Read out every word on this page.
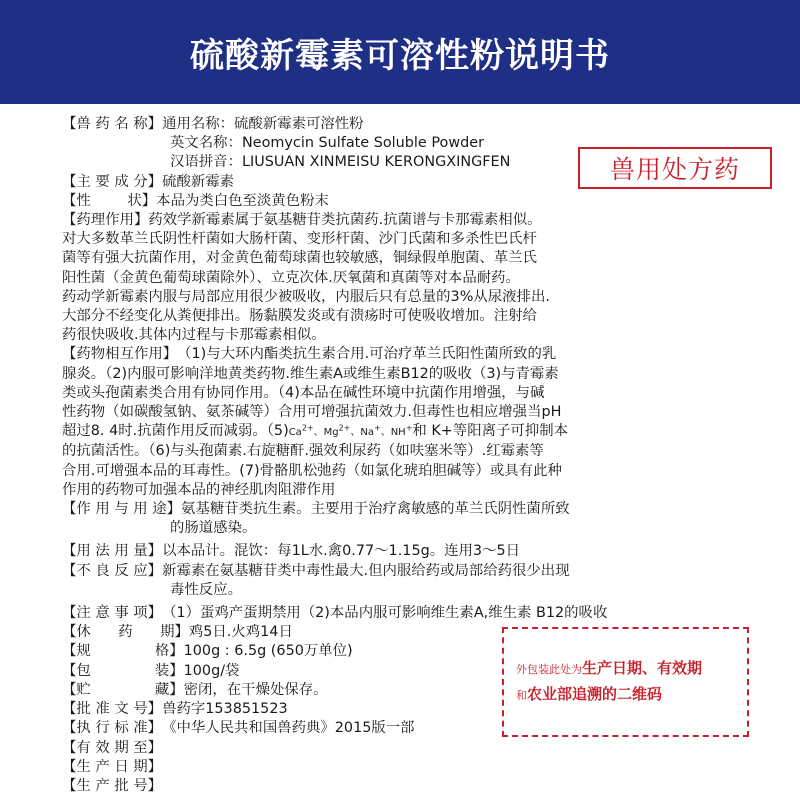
硫酸新霉素可溶性粉说明书
兽用处方药
【兽 药 名 称】 通用名称：硫酸新霉素可溶性粉
英文名称：Neomycin Sulfate Soluble Powder
汉语拼音：LIUSUAN XINMEISU KERONGXINGFEN
【主 要 成 分】 硫酸新霉素
【性        状】 本品为类白色至淡黄色粉末
【药理作用】 药效学新霉素属于氨基糖苷类抗菌药.抗菌谱与卡那霉素相似。
对大多数革兰氏阴性杆菌如大肠杆菌、变形杆菌、沙门氏菌和多杀性巴氏杆
菌等有强大抗菌作用，对金黄色葡萄球菌也较敏感，铜绿假单胞菌、革兰氏
阳性菌（金黄色葡萄球菌除外）、立克次体.厌氧菌和真菌等对本品耐药。
药动学新霉素内服与局部应用很少被吸收，内服后只有总量的3%从尿液排出.
大部分不经变化从粪便排出。肠黏膜发炎或有溃疡时可使吸收增加。注射给
药很快吸收.其体内过程与卡那霉素相似。
【药物相互作用】 （1)与大环内酯类抗生素合用.可治疗革兰氏阳性菌所致的乳
腺炎。（2)内服可影响洋地黄类药物.维生素A或维生素B12的吸收（3)与青霉素
类或头孢菌素类合用有协同作用。（4)本品在碱性环境中抗菌作用增强，与碱
性药物（如碳酸氢钠、氨茶碱等）合用可增强抗菌效力.但毒性也相应增强当pH
超过8. 4时.抗菌作用反而减弱。$(5)Ca^{2+}$、$Mg^{2+}$、Na+、NH+和 K+等阳离子可抑制本
的抗菌活性。（6)与头孢菌素.右旋糖酐.强效利尿药（如呋塞米等）.红霉素等
合用.可增强本品的耳毒性。(7)骨骼肌松弛药（如氯化琥珀胆碱等）或具有此种
作用的药物可加强本品的神经肌肉阻滞作用
【作 用 与 用 途】 氨基糖苷类抗生素。主要用于治疗禽敏感的革兰氏阴性菌所致
的肠道感染。
【用 法 用 量】 以本品计。混饮：每1L水.禽0.77～1.15g。连用3～5日
【不 良 反 应】 新霉素在氨基糖苷类中毒性最大.但内服给药或局部给药很少出现
毒性反应。
【注 意 事 项】 （1）蛋鸡产蛋期禁用（2)本品内服可影响维生素A,维生素 B12的吸收
【休      药      期】 鸡5日.火鸡14日
【规              格】 100g : 6.5g (650万单位)
【包              装】 100g/袋
【贮              藏】 密闭，在干燥处保存。
【批 准 文 号】 兽药字153851523
【执 行 标 准】 《中华人民共和国兽药典》2015版一部
【有 效 期 至】
【生 产 日 期】
【生 产 批 号】
外包装此处为生产日期、有效期
和农业部追溯的二维码
